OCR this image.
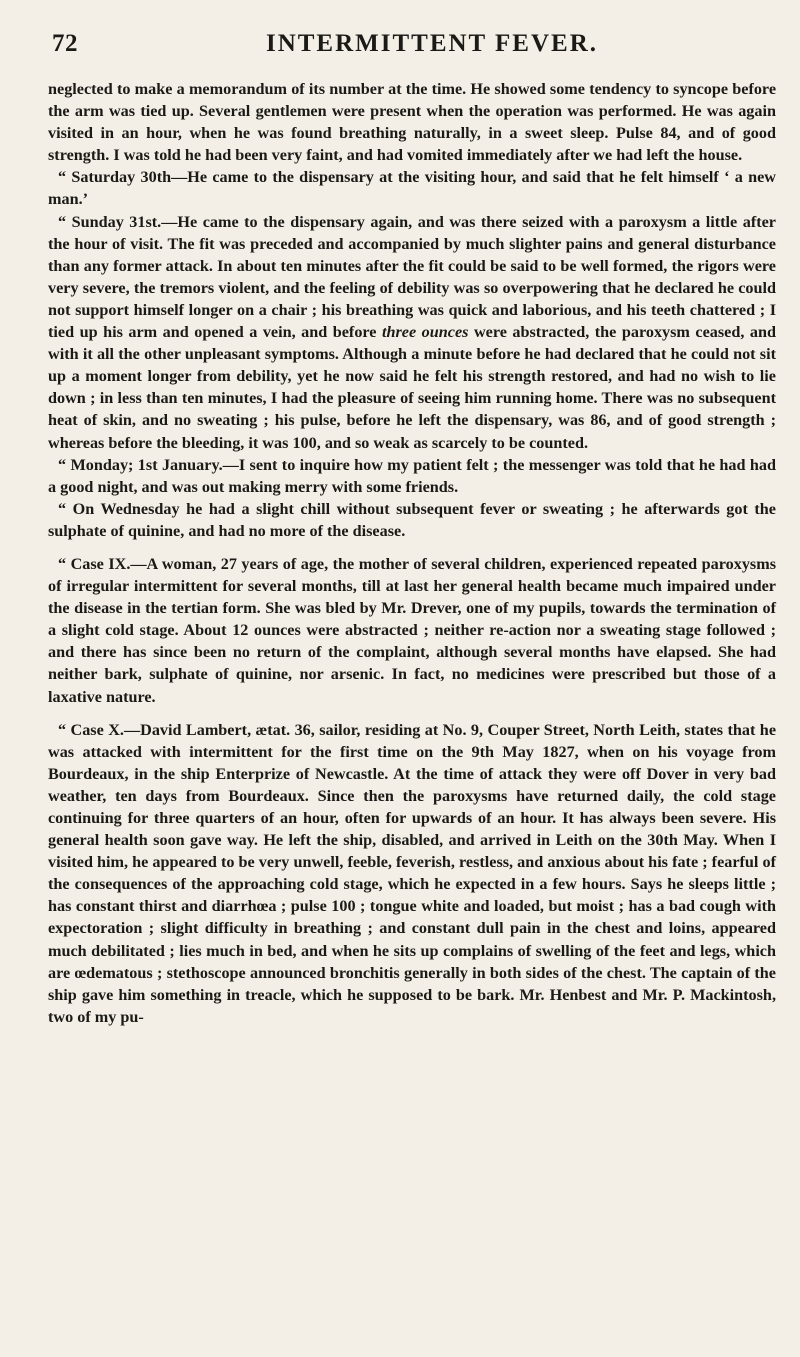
72	INTERMITTENT FEVER.

neglected to make a memorandum of its number at the time. He showed some tendency to syncope before the arm was tied up. Several gentlemen were present when the operation was performed. He was again visited in an hour, when he was found breathing naturally, in a sweet sleep. Pulse 84, and of good strength. I was told he had been very faint, and had vomited immediately after we had left the house.

“ Saturday 30th—He came to the dispensary at the visiting hour, and said that he felt himself ‘ a new man.’

“ Sunday 31st.—He came to the dispensary again, and was there seized with a paroxysm a little after the hour of visit. The fit was preceded and accompanied by much slighter pains and general disturbance than any former attack. In about ten minutes after the fit could be said to be well formed, the rigors were very severe, the tremors violent, and the feeling of debility was so overpowering that he declared he could not support himself longer on a chair ; his breathing was quick and laborious, and his teeth chattered ; I tied up his arm and opened a vein, and before three ounces were abstracted, the paroxysm ceased, and with it all the other unpleasant symptoms. Although a minute before he had declared that he could not sit up a moment longer from debility, yet he now said he felt his strength restored, and had no wish to lie down ; in less than ten minutes, I had the pleasure of seeing him running home. There was no subsequent heat of skin, and no sweating ; his pulse, before he left the dispensary, was 86, and of good strength ; whereas before the bleeding, it was 100, and so weak as scarcely to be counted.

“ Monday; 1st January.—I sent to inquire how my patient felt ; the messenger was told that he had had a good night, and was out making merry with some friends.

“ On Wednesday he had a slight chill without subsequent fever or sweating ; he afterwards got the sulphate of quinine, and had no more of the disease.

“ Case IX.—A woman, 27 years of age, the mother of several children, experienced repeated paroxysms of irregular intermittent for several months, till at last her general health became much impaired under the disease in the tertian form. She was bled by Mr. Drever, one of my pupils, towards the termination of a slight cold stage. About 12 ounces were abstracted ; neither re-action nor a sweating stage followed ; and there has since been no return of the complaint, although several months have elapsed. She had neither bark, sulphate of quinine, nor arsenic. In fact, no medicines were prescribed but those of a laxative nature.

“ Case X.—David Lambert, ætat. 36, sailor, residing at No. 9, Couper Street, North Leith, states that he was attacked with intermittent for the first time on the 9th May 1827, when on his voyage from Bourdeaux, in the ship Enterprize of Newcastle. At the time of attack they were off Dover in very bad weather, ten days from Bourdeaux. Since then the paroxysms have returned daily, the cold stage continuing for three quarters of an hour, often for upwards of an hour. It has always been severe. His general health soon gave way. He left the ship, disabled, and arrived in Leith on the 30th May. When I visited him, he appeared to be very unwell, feeble, feverish, restless, and anxious about his fate ; fearful of the consequences of the approaching cold stage, which he expected in a few hours. Says he sleeps little ; has constant thirst and diarrhœa ; pulse 100 ; tongue white and loaded, but moist ; has a bad cough with expectoration ; slight difficulty in breathing ; and constant dull pain in the chest and loins, appeared much debilitated ; lies much in bed, and when he sits up complains of swelling of the feet and legs, which are œdematous ; stethoscope announced bronchitis generally in both sides of the chest. The captain of the ship gave him something in treacle, which he supposed to be bark. Mr. Henbest and Mr. P. Mackintosh, two of my pu-
